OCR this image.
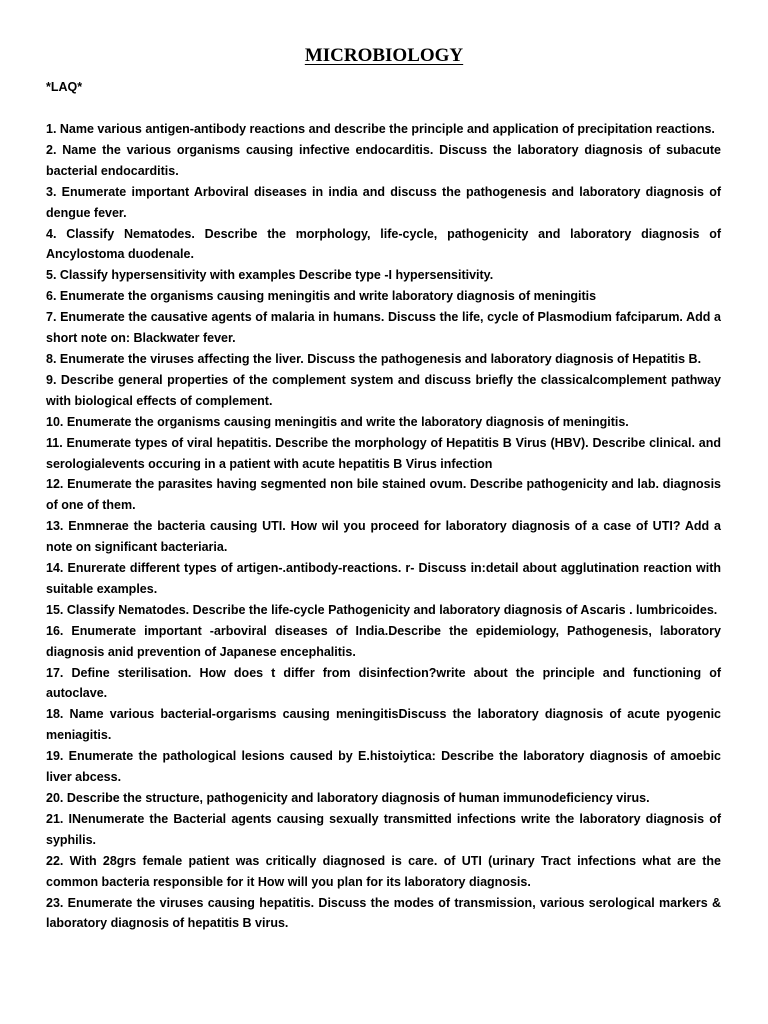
MICROBIOLOGY

*LAQ*

1. Name various antigen-antibody reactions and describe the principle and application of precipitation reactions.
2. Name the various organisms causing infective endocarditis. Discuss the laboratory diagnosis of subacute bacterial endocarditis.
3. Enumerate important Arboviral diseases in india and discuss the pathogenesis and laboratory diagnosis of dengue fever.
4. Classify Nematodes. Describe the morphology, life-cycle, pathogenicity and laboratory diagnosis of Ancylostoma duodenale.
5. Classify hypersensitivity with examples Describe type -I hypersensitivity.
6. Enumerate the organisms causing meningitis and write laboratory diagnosis of meningitis
7. Enumerate the causative agents of malaria in humans. Discuss the life, cycle of Plasmodium fafciparum. Add a short note on: Blackwater fever.
8. Enumerate the viruses affecting the liver. Discuss the pathogenesis and laboratory diagnosis of Hepatitis B.
9. Describe general properties of the complement system and discuss briefly the classicalcomplement pathway with biological effects of complement.
10. Enumerate the organisms causing meningitis and write the laboratory diagnosis of meningitis.
11. Enumerate types of viral hepatitis. Describe the morphology of Hepatitis B Virus (HBV). Describe clinical. and serologialevents occuring in a patient with acute hepatitis B Virus infection
12. Enumerate the parasites having segmented non bile stained ovum. Describe pathogenicity and lab. diagnosis of one of them.
13. Enmnerae the bacteria causing UTI. How wil you proceed for laboratory diagnosis of a case of UTI? Add a note on significant bacteriaria.
14. Enurerate different types of artigen-.antibody-reactions. r- Discuss in:detail about agglutination reaction with suitable examples.
15. Classify Nematodes. Describe the life-cycle Pathogenicity and laboratory diagnosis of Ascaris . lumbricoides.
16. Enumerate important -arboviral diseases of India.Describe the epidemiology, Pathogenesis, laboratory diagnosis anid prevention of Japanese encephalitis.
17. Define sterilisation. How does t differ from disinfection?write about the principle and functioning of autoclave.
18. Name various bacterial-orgarisms causing meningitisDiscuss the laboratory diagnosis of acute pyogenic meniagitis.
19. Enumerate the pathological lesions caused by E.histoiytica: Describe the laboratory diagnosis of amoebic liver abcess.
20. Describe the structure, pathogenicity and laboratory diagnosis of human immunodeficiency virus.
21. INenumerate the Bacterial agents causing sexually transmitted infections write the laboratory diagnosis of syphilis.
22. With 28grs female patient was critically diagnosed is care. of UTI (urinary Tract infections what are the common bacteria responsible for it How will you plan for its laboratory diagnosis.
23. Enumerate the viruses causing hepatitis. Discuss the modes of transmission, various serological markers & laboratory diagnosis of hepatitis B virus.
